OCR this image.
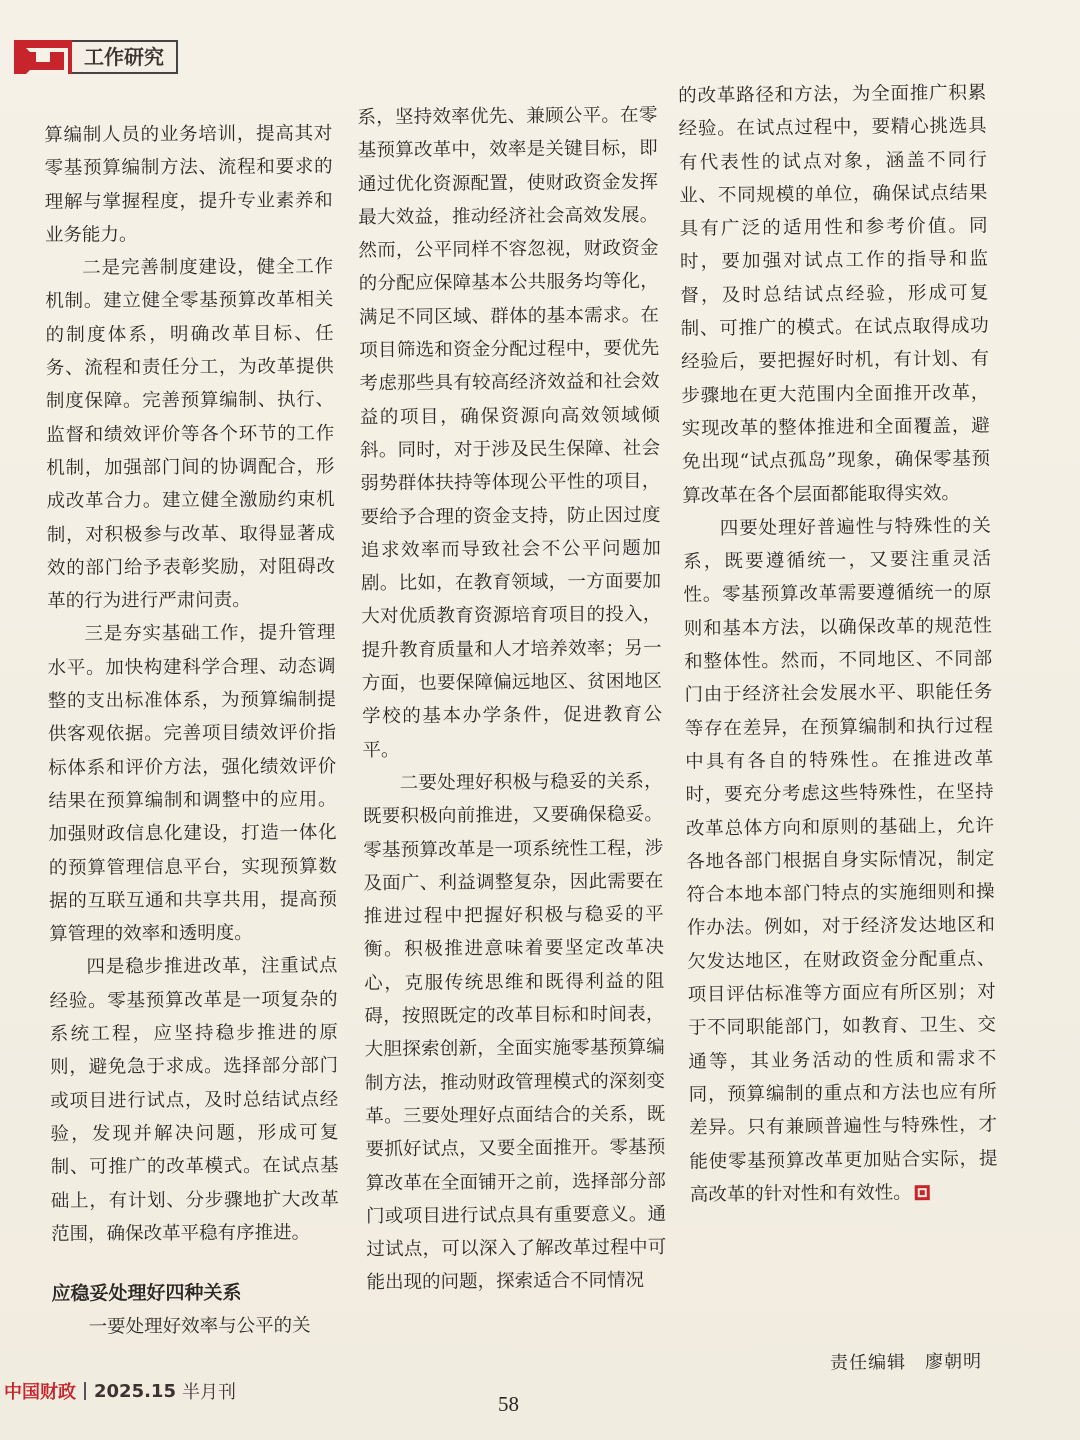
工作研究

算编制人员的业务培训，提高其对零基预算编制方法、流程和要求的理解与掌握程度，提升专业素养和业务能力。

二是完善制度建设，健全工作机制。建立健全零基预算改革相关的制度体系，明确改革目标、任务、流程和责任分工，为改革提供制度保障。完善预算编制、执行、监督和绩效评价等各个环节的工作机制，加强部门间的协调配合，形成改革合力。建立健全激励约束机制，对积极参与改革、取得显著成效的部门给予表彰奖励，对阻碍改革的行为进行严肃问责。

三是夯实基础工作，提升管理水平。加快构建科学合理、动态调整的支出标准体系，为预算编制提供客观依据。完善项目绩效评价指标体系和评价方法，强化绩效评价结果在预算编制和调整中的应用。加强财政信息化建设，打造一体化的预算管理信息平台，实现预算数据的互联互通和共享共用，提高预算管理的效率和透明度。

四是稳步推进改革，注重试点经验。零基预算改革是一项复杂的系统工程，应坚持稳步推进的原则，避免急于求成。选择部分部门或项目进行试点，及时总结试点经验，发现并解决问题，形成可复制、可推广的改革模式。在试点基础上，有计划、分步骤地扩大改革范围，确保改革平稳有序推进。

应稳妥处理好四种关系

一要处理好效率与公平的关

系，坚持效率优先、兼顾公平。在零基预算改革中，效率是关键目标，即通过优化资源配置，使财政资金发挥最大效益，推动经济社会高效发展。然而，公平同样不容忽视，财政资金的分配应保障基本公共服务均等化，满足不同区域、群体的基本需求。在项目筛选和资金分配过程中，要优先考虑那些具有较高经济效益和社会效益的项目，确保资源向高效领域倾斜。同时，对于涉及民生保障、社会弱势群体扶持等体现公平性的项目，要给予合理的资金支持，防止因过度追求效率而导致社会不公平问题加剧。比如，在教育领域，一方面要加大对优质教育资源培育项目的投入，提升教育质量和人才培养效率；另一方面，也要保障偏远地区、贫困地区学校的基本办学条件，促进教育公平。

二要处理好积极与稳妥的关系，既要积极向前推进，又要确保稳妥。零基预算改革是一项系统性工程，涉及面广、利益调整复杂，因此需要在推进过程中把握好积极与稳妥的平衡。积极推进意味着要坚定改革决心，克服传统思维和既得利益的阻碍，按照既定的改革目标和时间表，大胆探索创新，全面实施零基预算编制方法，推动财政管理模式的深刻变革。三要处理好点面结合的关系，既要抓好试点，又要全面推开。零基预算改革在全面铺开之前，选择部分部门或项目进行试点具有重要意义。通过试点，可以深入了解改革过程中可能出现的问题，探索适合不同情况

的改革路径和方法，为全面推广积累经验。在试点过程中，要精心挑选具有代表性的试点对象，涵盖不同行业、不同规模的单位，确保试点结果具有广泛的适用性和参考价值。同时，要加强对试点工作的指导和监督，及时总结试点经验，形成可复制、可推广的模式。在试点取得成功经验后，要把握好时机，有计划、有步骤地在更大范围内全面推开改革，实现改革的整体推进和全面覆盖，避免出现“试点孤岛”现象，确保零基预算改革在各个层面都能取得实效。

四要处理好普遍性与特殊性的关系，既要遵循统一，又要注重灵活性。零基预算改革需要遵循统一的原则和基本方法，以确保改革的规范性和整体性。然而，不同地区、不同部门由于经济社会发展水平、职能任务等存在差异，在预算编制和执行过程中具有各自的特殊性。在推进改革时，要充分考虑这些特殊性，在坚持改革总体方向和原则的基础上，允许各地各部门根据自身实际情况，制定符合本地本部门特点的实施细则和操作办法。例如，对于经济发达地区和欠发达地区，在财政资金分配重点、项目评估标准等方面应有所区别；对于不同职能部门，如教育、卫生、交通等，其业务活动的性质和需求不同，预算编制的重点和方法也应有所差异。只有兼顾普遍性与特殊性，才能使零基预算改革更加贴合实际，提高改革的针对性和有效性。

责任编辑　廖朝明
中国财政 2025.15 半月刊	58
